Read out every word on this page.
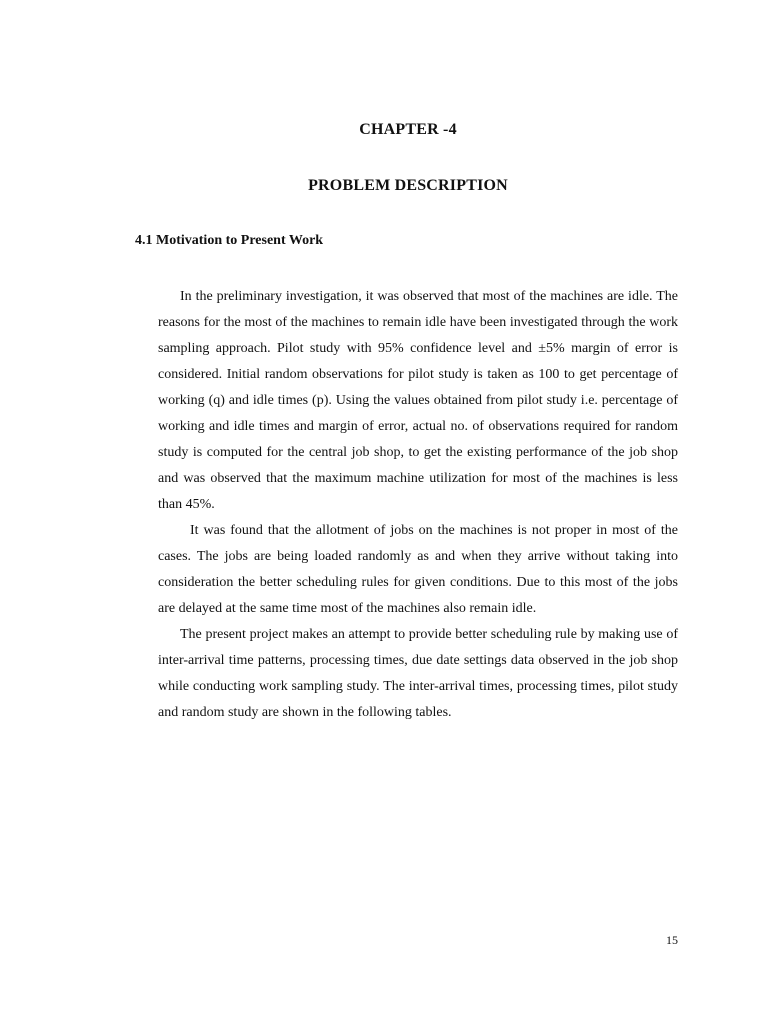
CHAPTER -4
PROBLEM DESCRIPTION
4.1 Motivation to Present Work

In the preliminary investigation, it was observed that most of the machines are idle. The reasons for the most of the machines to remain idle have been investigated through the work sampling approach. Pilot study with 95% confidence level and ±5% margin of error is considered. Initial random observations for pilot study is taken as 100 to get percentage of working (q) and idle times (p). Using the values obtained from pilot study i.e. percentage of working and idle times and margin of error, actual no. of observations required for random study is computed for the central job shop, to get the existing performance of the job shop and was observed that the maximum machine utilization for most of the machines is less than 45%.

It was found that the allotment of jobs on the machines is not proper in most of the cases. The jobs are being loaded randomly as and when they arrive without taking into consideration the better scheduling rules for given conditions. Due to this most of the jobs are delayed at the same time most of the machines also remain idle.

The present project makes an attempt to provide better scheduling rule by making use of inter-arrival time patterns, processing times, due date settings data observed in the job shop while conducting work sampling study. The inter-arrival times, processing times, pilot study and random study are shown in the following tables.

15
